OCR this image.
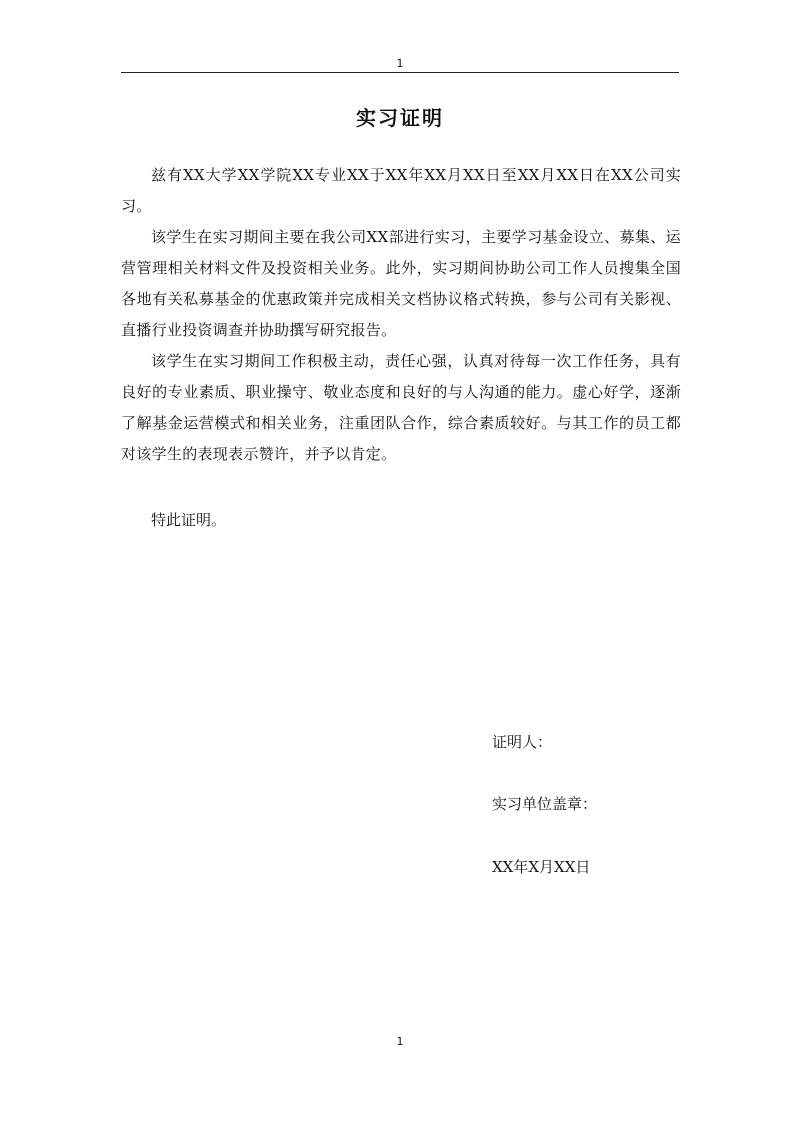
1
实习证明

兹有XX大学XX学院XX专业XX于XX年XX月XX日至XX月XX日在XX公司实习。

该学生在实习期间主要在我公司XX部进行实习，主要学习基金设立、募集、运营管理相关材料文件及投资相关业务。此外，实习期间协助公司工作人员搜集全国各地有关私募基金的优惠政策并完成相关文档协议格式转换，参与公司有关影视、直播行业投资调查并协助撰写研究报告。

该学生在实习期间工作积极主动，责任心强，认真对待每一次工作任务，具有良好的专业素质、职业操守、敬业态度和良好的与人沟通的能力。虚心好学，逐渐了解基金运营模式和相关业务，注重团队合作，综合素质较好。与其工作的员工都对该学生的表现表示赞许，并予以肯定。

特此证明。

证明人：
实习单位盖章：
XX年X月XX日
1
